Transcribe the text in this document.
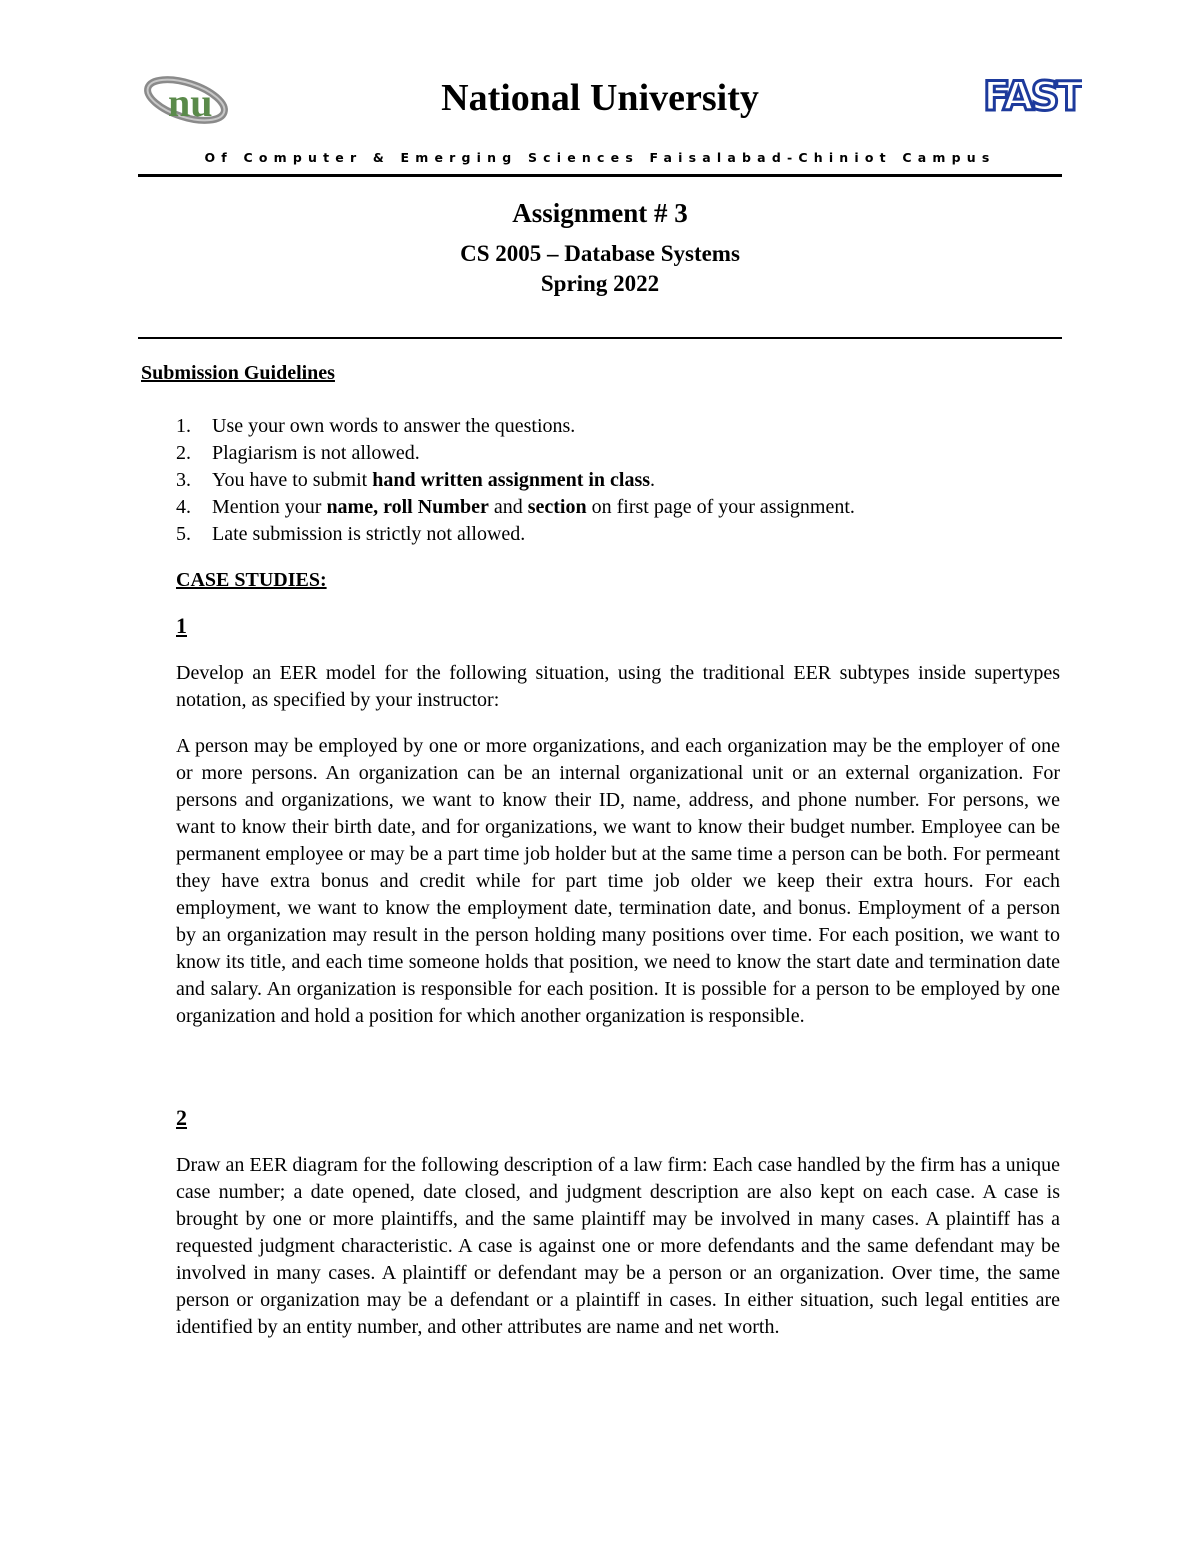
nu	National University	FAST
Of Computer & Emerging Sciences Faisalabad-Chiniot Campus
Assignment # 3
CS 2005 – Database Systems
Spring 2022
Submission Guidelines
1. Use your own words to answer the questions.
2. Plagiarism is not allowed.
3. You have to submit hand written assignment in class.
4. Mention your name, roll Number and section on first page of your assignment.
5. Late submission is strictly not allowed.
CASE STUDIES:
1

Develop an EER model for the following situation, using the traditional EER subtypes inside supertypes notation, as specified by your instructor:

A person may be employed by one or more organizations, and each organization may be the employer of one or more persons. An organization can be an internal organizational unit or an external organization. For persons and organizations, we want to know their ID, name, address, and phone number. For persons, we want to know their birth date, and for organizations, we want to know their budget number. Employee can be permanent employee or may be a part time job holder but at the same time a person can be both. For permeant they have extra bonus and credit while for part time job older we keep their extra hours. For each employment, we want to know the employment date, termination date, and bonus. Employment of a person by an organization may result in the person holding many positions over time. For each position, we want to know its title, and each time someone holds that position, we need to know the start date and termination date and salary. An organization is responsible for each position. It is possible for a person to be employed by one organization and hold a position for which another organization is responsible.

2

Draw an EER diagram for the following description of a law firm: Each case handled by the firm has a unique case number; a date opened, date closed, and judgment description are also kept on each case. A case is brought by one or more plaintiffs, and the same plaintiff may be involved in many cases. A plaintiff has a requested judgment characteristic. A case is against one or more defendants and the same defendant may be involved in many cases. A plaintiff or defendant may be a person or an organization. Over time, the same person or organization may be a defendant or a plaintiff in cases. In either situation, such legal entities are identified by an entity number, and other attributes are name and net worth.
